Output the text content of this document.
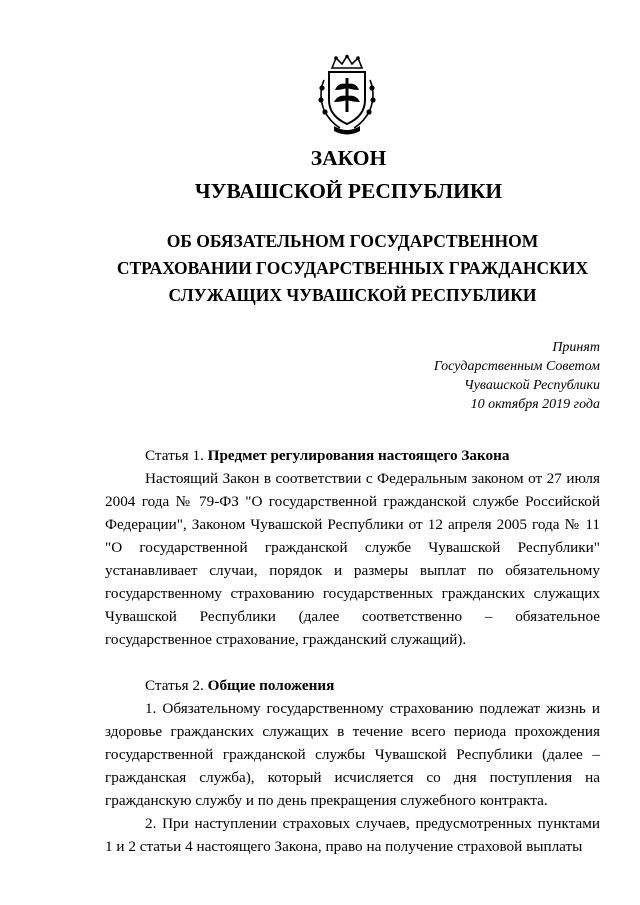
ЗАКОН
ЧУВАШСКОЙ РЕСПУБЛИКИ
ОБ ОБЯЗАТЕЛЬНОМ ГОСУДАРСТВЕННОМ
СТРАХОВАНИИ ГОСУДАРСТВЕННЫХ ГРАЖДАНСКИХ
СЛУЖАЩИХ ЧУВАШСКОЙ РЕСПУБЛИКИ
Принят
Государственным Советом
Чувашской Республики
10 октября 2019 года

Статья 1. Предмет регулирования настоящего Закона

Настоящий Закон в соответствии с Федеральным законом от 27 июля 2004 года № 79-ФЗ "О государственной гражданской службе Российской Федерации", Законом Чувашской Республики от 12 апреля 2005 года № 11 "О государственной гражданской службе Чувашской Республики" устанавливает случаи, порядок и размеры выплат по обязательному государственному страхованию государственных гражданских служащих Чувашской Республики (далее соответственно – обязательное государственное страхование, гражданский служащий).

Статья 2. Общие положения

1. Обязательному государственному страхованию подлежат жизнь и здоровье гражданских служащих в течение всего периода прохождения государственной гражданской службы Чувашской Республики (далее – гражданская служба), который исчисляется со дня поступления на гражданскую службу и по день прекращения служебного контракта.

2. При наступлении страховых случаев, предусмотренных пунктами 1 и 2 статьи 4 настоящего Закона, право на получение страховой выплаты
